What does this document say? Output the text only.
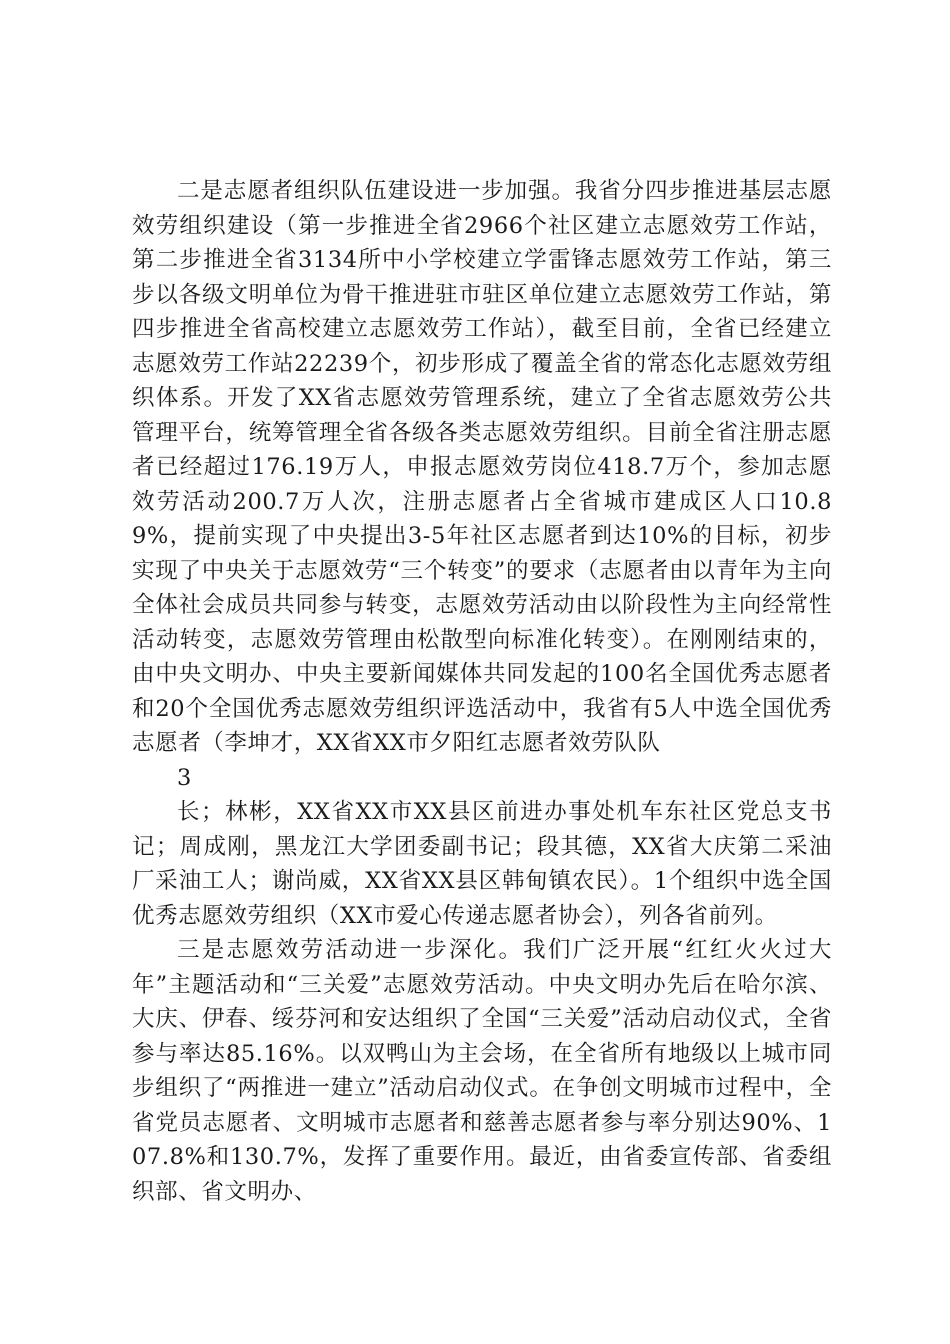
二是志愿者组织队伍建设进一步加强。我省分四步推进基层志愿效劳组织建设（第一步推进全省2966个社区建立志愿效劳工作站，第二步推进全省3134所中小学校建立学雷锋志愿效劳工作站，第三步以各级文明单位为骨干推进驻市驻区单位建立志愿效劳工作站，第四步推进全省高校建立志愿效劳工作站），截至目前，全省已经建立志愿效劳工作站22239个，初步形成了覆盖全省的常态化志愿效劳组织体系。开发了XX省志愿效劳管理系统，建立了全省志愿效劳公共管理平台，统筹管理全省各级各类志愿效劳组织。目前全省注册志愿者已经超过176.19万人，申报志愿效劳岗位418.7万个，参加志愿效劳活动200.7万人次，注册志愿者占全省城市建成区人口10.89%，提前实现了中央提出3-5年社区志愿者到达10%的目标，初步实现了中央关于志愿效劳“三个转变”的要求（志愿者由以青年为主向全体社会成员共同参与转变，志愿效劳活动由以阶段性为主向经常性活动转变，志愿效劳管理由松散型向标准化转变）。在刚刚结束的，由中央文明办、中央主要新闻媒体共同发起的100名全国优秀志愿者和20个全国优秀志愿效劳组织评选活动中，我省有5人中选全国优秀志愿者（李坤才，XX省XX市夕阳红志愿者效劳队队

3

长；林彬，XX省XX市XX县区前进办事处机车东社区党总支书记；周成刚，黑龙江大学团委副书记；段其德，XX省大庆第二采油厂采油工人；谢尚威，XX省XX县区韩甸镇农民）。1个组织中选全国优秀志愿效劳组织（XX市爱心传递志愿者协会），列各省前列。

三是志愿效劳活动进一步深化。我们广泛开展“红红火火过大年”主题活动和“三关爱”志愿效劳活动。中央文明办先后在哈尔滨、大庆、伊春、绥芬河和安达组织了全国“三关爱”活动启动仪式，全省参与率达85.16%。以双鸭山为主会场，在全省所有地级以上城市同步组织了“两推进一建立”活动启动仪式。在争创文明城市过程中，全省党员志愿者、文明城市志愿者和慈善志愿者参与率分别达90%、107.8%和130.7%，发挥了重要作用。最近，由省委宣传部、省委组织部、省文明办、
